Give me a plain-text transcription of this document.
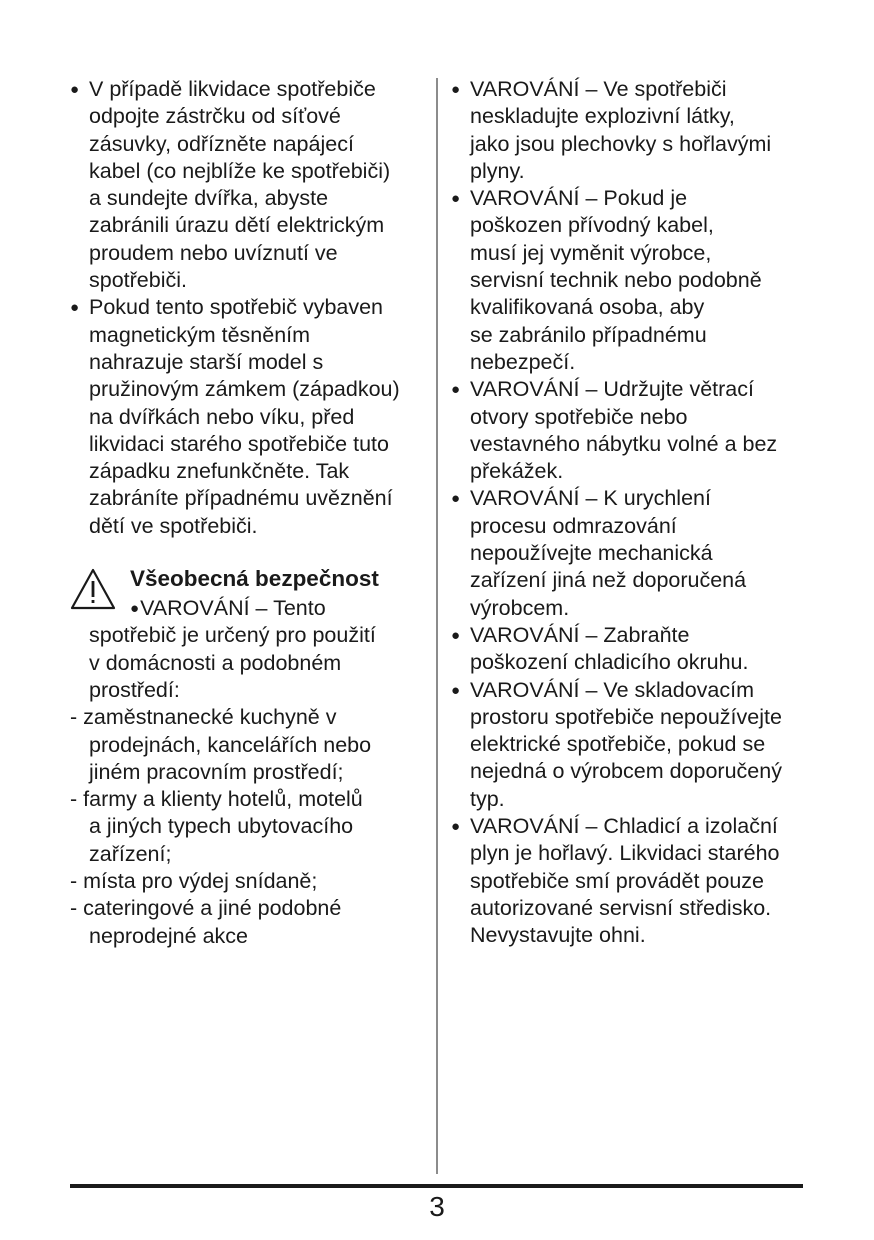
● V případě likvidace spotřebiče
odpojte zástrčku od síťové
zásuvky, odřízněte napájecí
kabel (co nejblíže ke spotřebiči)
a sundejte dvířka, abyste
zabránili úrazu dětí elektrickým
proudem nebo uvíznutí ve
spotřebiči.
● Pokud tento spotřebič vybaven
magnetickým těsněním
nahrazuje starší model s
pružinovým zámkem (západkou)
na dvířkách nebo víku, před
likvidaci starého spotřebiče tuto
západku znefunkčněte. Tak
zabráníte případnému uvěznění
dětí ve spotřebiči.
Všeobecná bezpečnost
●VAROVÁNÍ – Tento
spotřebič je určený pro použití
v domácnosti a podobném
prostředí:
- zaměstnanecké kuchyně v
prodejnách, kancelářích nebo
jiném pracovním prostředí;
- farmy a klienty hotelů, motelů
a jiných typech ubytovacího
zařízení;
- místa pro výdej snídaně;
- cateringové a jiné podobné
neprodejné akce
● VAROVÁNÍ – Ve spotřebiči
neskladujte explozivní látky,
jako jsou plechovky s hořlavými
plyny.
● VAROVÁNÍ – Pokud je
poškozen přívodný kabel,
musí jej vyměnit výrobce,
servisní technik nebo podobně
kvalifikovaná osoba, aby
se zabránilo případnému
nebezpečí.
● VAROVÁNÍ – Udržujte větrací
otvory spotřebiče nebo
vestavného nábytku volné a bez
překážek.
● VAROVÁNÍ – K urychlení
procesu odmrazování
nepoužívejte mechanická
zařízení jiná než doporučená
výrobcem.
● VAROVÁNÍ – Zabraňte
poškození chladicího okruhu.
● VAROVÁNÍ – Ve skladovacím
prostoru spotřebiče nepoužívejte
elektrické spotřebiče, pokud se
nejedná o výrobcem doporučený
typ.
● VAROVÁNÍ – Chladicí a izolační
plyn je hořlavý. Likvidaci starého
spotřebiče smí provádět pouze
autorizované servisní středisko.
Nevystavujte ohni.
3
